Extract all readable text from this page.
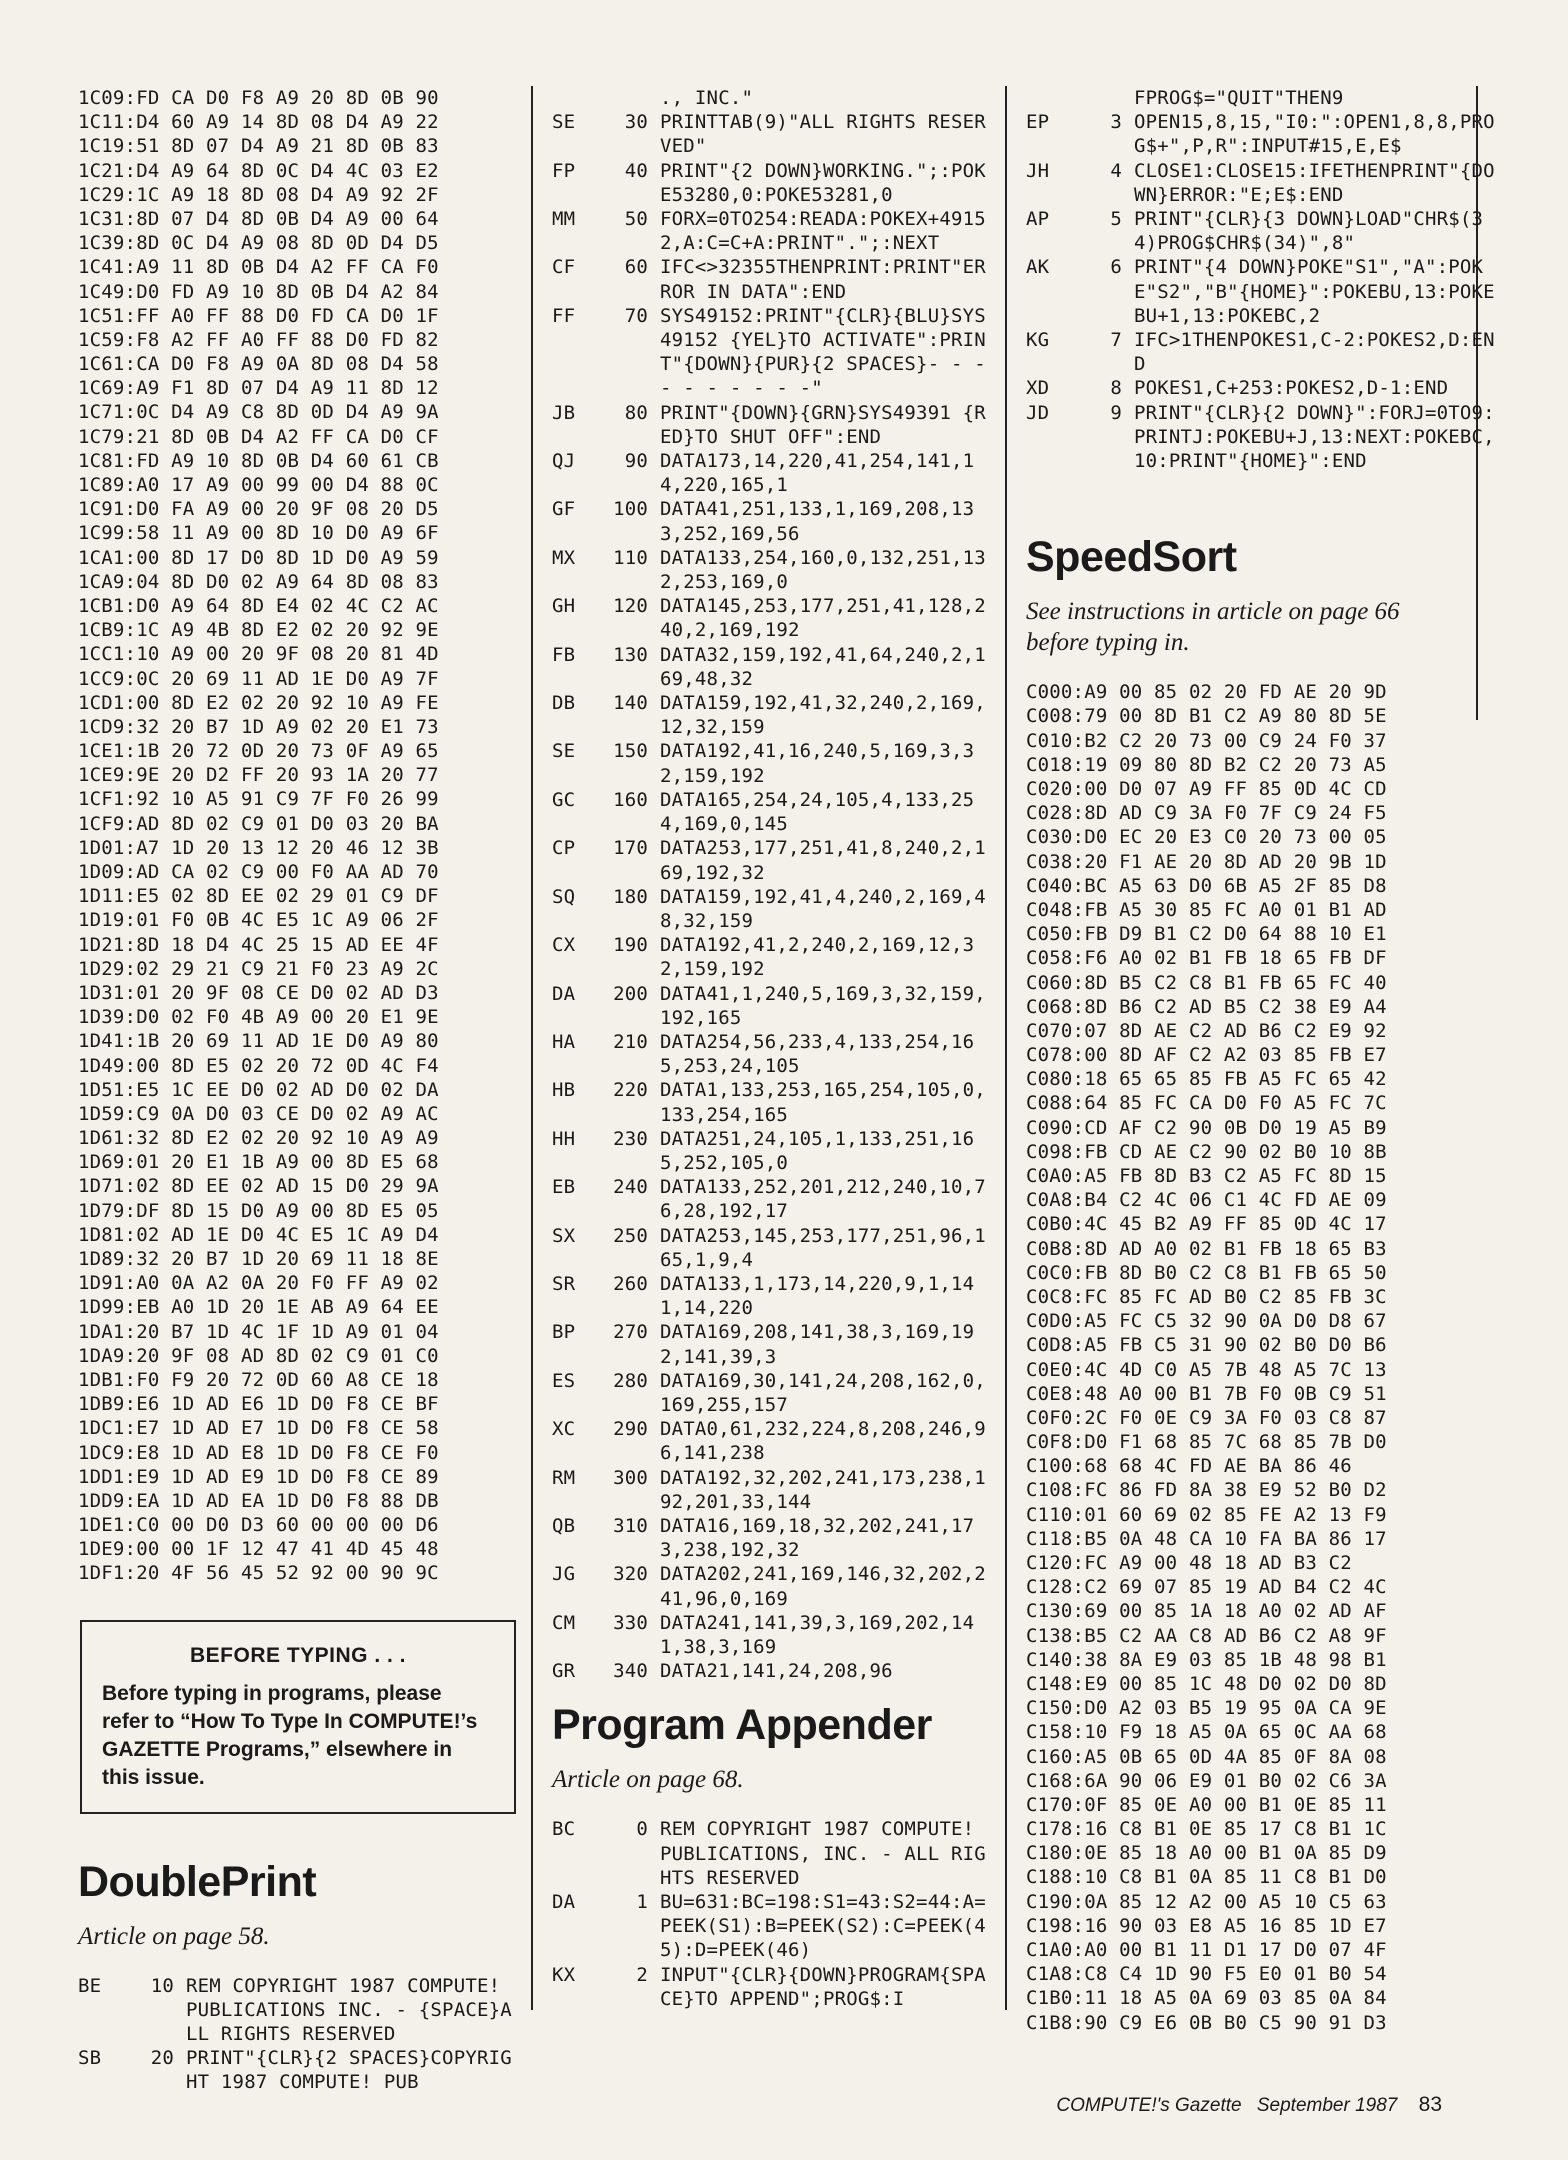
1C09:FD CA D0 F8 A9 20 8D 0B 90
1C11:D4 60 A9 14 8D 08 D4 A9 22
1C19:51 8D 07 D4 A9 21 8D 0B 83
1C21:D4 A9 64 8D 0C D4 4C 03 E2
1C29:1C A9 18 8D 08 D4 A9 92 2F
1C31:8D 07 D4 8D 0B D4 A9 00 64
1C39:8D 0C D4 A9 08 8D 0D D4 D5
1C41:A9 11 8D 0B D4 A2 FF CA F0
1C49:D0 FD A9 10 8D 0B D4 A2 84
1C51:FF A0 FF 88 D0 FD CA D0 1F
1C59:F8 A2 FF A0 FF 88 D0 FD 82
1C61:CA D0 F8 A9 0A 8D 08 D4 58
1C69:A9 F1 8D 07 D4 A9 11 8D 12
1C71:0C D4 A9 C8 8D 0D D4 A9 9A
1C79:21 8D 0B D4 A2 FF CA D0 CF
1C81:FD A9 10 8D 0B D4 60 61 CB
1C89:A0 17 A9 00 99 00 D4 88 0C
1C91:D0 FA A9 00 20 9F 08 20 D5
1C99:58 11 A9 00 8D 10 D0 A9 6F
1CA1:00 8D 17 D0 8D 1D D0 A9 59
1CA9:04 8D D0 02 A9 64 8D 08 83
1CB1:D0 A9 64 8D E4 02 4C C2 AC
1CB9:1C A9 4B 8D E2 02 20 92 9E
1CC1:10 A9 00 20 9F 08 20 81 4D
1CC9:0C 20 69 11 AD 1E D0 A9 7F
1CD1:00 8D E2 02 20 92 10 A9 FE
1CD9:32 20 B7 1D A9 02 20 E1 73
1CE1:1B 20 72 0D 20 73 0F A9 65
1CE9:9E 20 D2 FF 20 93 1A 20 77
1CF1:92 10 A5 91 C9 7F F0 26 99
1CF9:AD 8D 02 C9 01 D0 03 20 BA
1D01:A7 1D 20 13 12 20 46 12 3B
1D09:AD CA 02 C9 00 F0 AA AD 70
1D11:E5 02 8D EE 02 29 01 C9 DF
1D19:01 F0 0B 4C E5 1C A9 06 2F
1D21:8D 18 D4 4C 25 15 AD EE 4F
1D29:02 29 21 C9 21 F0 23 A9 2C
1D31:01 20 9F 08 CE D0 02 AD D3
1D39:D0 02 F0 4B A9 00 20 E1 9E
1D41:1B 20 69 11 AD 1E D0 A9 80
1D49:00 8D E5 02 20 72 0D 4C F4
1D51:E5 1C EE D0 02 AD D0 02 DA
1D59:C9 0A D0 03 CE D0 02 A9 AC
1D61:32 8D E2 02 20 92 10 A9 A9
1D69:01 20 E1 1B A9 00 8D E5 68
1D71:02 8D EE 02 AD 15 D0 29 9A
1D79:DF 8D 15 D0 A9 00 8D E5 05
1D81:02 AD 1E D0 4C E5 1C A9 D4
1D89:32 20 B7 1D 20 69 11 18 8E
1D91:A0 0A A2 0A 20 F0 FF A9 02
1D99:EB A0 1D 20 1E AB A9 64 EE
1DA1:20 B7 1D 4C 1F 1D A9 01 04
1DA9:20 9F 08 AD 8D 02 C9 01 C0
1DB1:F0 F9 20 72 0D 60 A8 CE 18
1DB9:E6 1D AD E6 1D D0 F8 CE BF
1DC1:E7 1D AD E7 1D D0 F8 CE 58
1DC9:E8 1D AD E8 1D D0 F8 CE F0
1DD1:E9 1D AD E9 1D D0 F8 CE 89
1DD9:EA 1D AD EA 1D D0 F8 88 DB
1DE1:C0 00 D0 D3 60 00 00 00 D6
1DE9:00 00 1F 12 47 41 4D 45 48
1DF1:20 4F 56 45 52 92 00 90 9C
BEFORE TYPING . . .
Before typing in programs, please refer to “How To Type In COMPUTE!’s GAZETTE Programs,” elsewhere in this issue.
DoublePrint
Article on page 58.
BE	10 REM COPYRIGHT 1987 COMPUTE! PUBLICATIONS INC. - {SPACE}ALL RIGHTS RESERVED
SB	20 PRINT"{CLR}{2 SPACES}COPYRIGHT 1987 COMPUTE! PUB
., INC."
SE	30 PRINTTAB(9)"ALL RIGHTS RESERVED"
FP	40 PRINT"{2 DOWN}WORKING.";:POKE53280,0:POKE53281,0
MM	50 FORX=0TO254:READA:POKEX+49152,A:C=C+A:PRINT".";:NEXT
CF	60 IFC<>32355THENPRINT:PRINT"ERROR IN DATA":END
FF	70 SYS49152:PRINT"{CLR}{BLU}SYS49152 {YEL}TO ACTIVATE":PRINT"{DOWN}{PUR}{2 SPACES}- - - - - - - - - -"
JB	80 PRINT"{DOWN}{GRN}SYS49391 {RED}TO SHUT OFF":END
QJ	90 DATA173,14,220,41,254,141,14,220,165,1
GF	100 DATA41,251,133,1,169,208,133,252,169,56
MX	110 DATA133,254,160,0,132,251,132,253,169,0
GH	120 DATA145,253,177,251,41,128,240,2,169,192
FB	130 DATA32,159,192,41,64,240,2,169,48,32
DB	140 DATA159,192,41,32,240,2,169,12,32,159
SE	150 DATA192,41,16,240,5,169,3,32,159,192
GC	160 DATA165,254,24,105,4,133,254,169,0,145
CP	170 DATA253,177,251,41,8,240,2,169,192,32
SQ	180 DATA159,192,41,4,240,2,169,48,32,159
CX	190 DATA192,41,2,240,2,169,12,32,159,192
DA	200 DATA41,1,240,5,169,3,32,159,192,165
HA	210 DATA254,56,233,4,133,254,165,253,24,105
HB	220 DATA1,133,253,165,254,105,0,133,254,165
HH	230 DATA251,24,105,1,133,251,165,252,105,0
EB	240 DATA133,252,201,212,240,10,76,28,192,17
SX	250 DATA253,145,253,177,251,96,165,1,9,4
SR	260 DATA133,1,173,14,220,9,1,141,14,220
BP	270 DATA169,208,141,38,3,169,192,141,39,3
ES	280 DATA169,30,141,24,208,162,0,169,255,157
XC	290 DATA0,61,232,224,8,208,246,96,141,238
RM	300 DATA192,32,202,241,173,238,192,201,33,144
QB	310 DATA16,169,18,32,202,241,173,238,192,32
JG	320 DATA202,241,169,146,32,202,241,96,0,169
CM	330 DATA241,141,39,3,169,202,141,38,3,169
GR	340 DATA21,141,24,208,96
Program Appender
Article on page 68.
BC	0 REM COPYRIGHT 1987 COMPUTE! PUBLICATIONS, INC. - ALL RIGHTS RESERVED
DA	1 BU=631:BC=198:S1=43:S2=44:A=PEEK(S1):B=PEEK(S2):C=PEEK(45):D=PEEK(46)
KX	2 INPUT"{CLR}{DOWN}PROGRAM{SPACE}TO APPEND";PROG$:I
FPROG$="QUIT"THEN9
EP	3 OPEN15,8,15,"I0:":OPEN1,8,8,PROG$+",P,R":INPUT#15,E,E$
JH	4 CLOSE1:CLOSE15:IFETHENPRINT"{DOWN}ERROR:"E;E$:END
AP	5 PRINT"{CLR}{3 DOWN}LOAD"CHR$(34)PROG$CHR$(34)",8"
AK	6 PRINT"{4 DOWN}POKE"S1","A":POKE"S2","B"{HOME}":POKEBU,13:POKEBU+1,13:POKEBC,2
KG	7 IFC>1THENPOKES1,C-2:POKES2,D:END
XD	8 POKES1,C+253:POKES2,D-1:END
JD	9 PRINT"{CLR}{2 DOWN}":FORJ=0TO9:PRINTJ:POKEBU+J,13:NEXT:POKEBC,10:PRINT"{HOME}":END
SpeedSort
See instructions in article on page 66 before typing in.
C000:A9 00 85 02 20 FD AE 20 9D
C008:79 00 8D B1 C2 A9 80 8D 5E
C010:B2 C2 20 73 00 C9 24 F0 37
C018:19 09 80 8D B2 C2 20 73 A5
C020:00 D0 07 A9 FF 85 0D 4C CD
C028:8D AD C9 3A F0 7F C9 24 F5
C030:D0 EC 20 E3 C0 20 73 00 05
C038:20 F1 AE 20 8D AD 20 9B 1D
C040:BC A5 63 D0 6B A5 2F 85 D8
C048:FB A5 30 85 FC A0 01 B1 AD
C050:FB D9 B1 C2 D0 64 88 10 E1
C058:F6 A0 02 B1 FB 18 65 FB DF
C060:8D B5 C2 C8 B1 FB 65 FC 40
C068:8D B6 C2 AD B5 C2 38 E9 A4
C070:07 8D AE C2 AD B6 C2 E9 92
C078:00 8D AF C2 A2 03 85 FB E7
C080:18 65 65 85 FB A5 FC 65 42
C088:64 85 FC CA D0 F0 A5 FC 7C
C090:CD AF C2 90 0B D0 19 A5 B9
C098:FB CD AE C2 90 02 B0 10 8B
C0A0:A5 FB 8D B3 C2 A5 FC 8D 15
C0A8:B4 C2 4C 06 C1 4C FD AE 09
C0B0:4C 45 B2 A9 FF 85 0D 4C 17
C0B8:8D AD A0 02 B1 FB 18 65 B3
C0C0:FB 8D B0 C2 C8 B1 FB 65 50
C0C8:FC 85 FC AD B0 C2 85 FB 3C
C0D0:A5 FC C5 32 90 0A D0 D8 67
C0D8:A5 FB C5 31 90 02 B0 D0 B6
C0E0:4C 4D C0 A5 7B 48 A5 7C 13
C0E8:48 A0 00 B1 7B F0 0B C9 51
C0F0:2C F0 0E C9 3A F0 03 C8 87
C0F8:D0 F1 68 85 7C 68 85 7B D0
C100:68 68 4C FD AE BA 86 46
C108:FC 86 FD 8A 38 E9 52 B0 D2
C110:01 60 69 02 85 FE A2 13 F9
C118:B5 0A 48 CA 10 FA BA 86 17
C120:FC A9 00 48 18 AD B3 C2
C128:C2 69 07 85 19 AD B4 C2 4C
C130:69 00 85 1A 18 A0 02 AD AF
C138:B5 C2 AA C8 AD B6 C2 A8 9F
C140:38 8A E9 03 85 1B 48 98 B1
C148:E9 00 85 1C 48 D0 02 D0 8D
C150:D0 A2 03 B5 19 95 0A CA 9E
C158:10 F9 18 A5 0A 65 0C AA 68
C160:A5 0B 65 0D 4A 85 0F 8A 08
C168:6A 90 06 E9 01 B0 02 C6 3A
C170:0F 85 0E A0 00 B1 0E 85 11
C178:16 C8 B1 0E 85 17 C8 B1 1C
C180:0E 85 18 A0 00 B1 0A 85 D9
C188:10 C8 B1 0A 85 11 C8 B1 D0
C190:0A 85 12 A2 00 A5 10 C5 63
C198:16 90 03 E8 A5 16 85 1D E7
C1A0:A0 00 B1 11 D1 17 D0 07 4F
C1A8:C8 C4 1D 90 F5 E0 01 B0 54
C1B0:11 18 A5 0A 69 03 85 0A 84
C1B8:90 C9 E6 0B B0 C5 90 91 D3
COMPUTE!'s Gazette September 1987 83
